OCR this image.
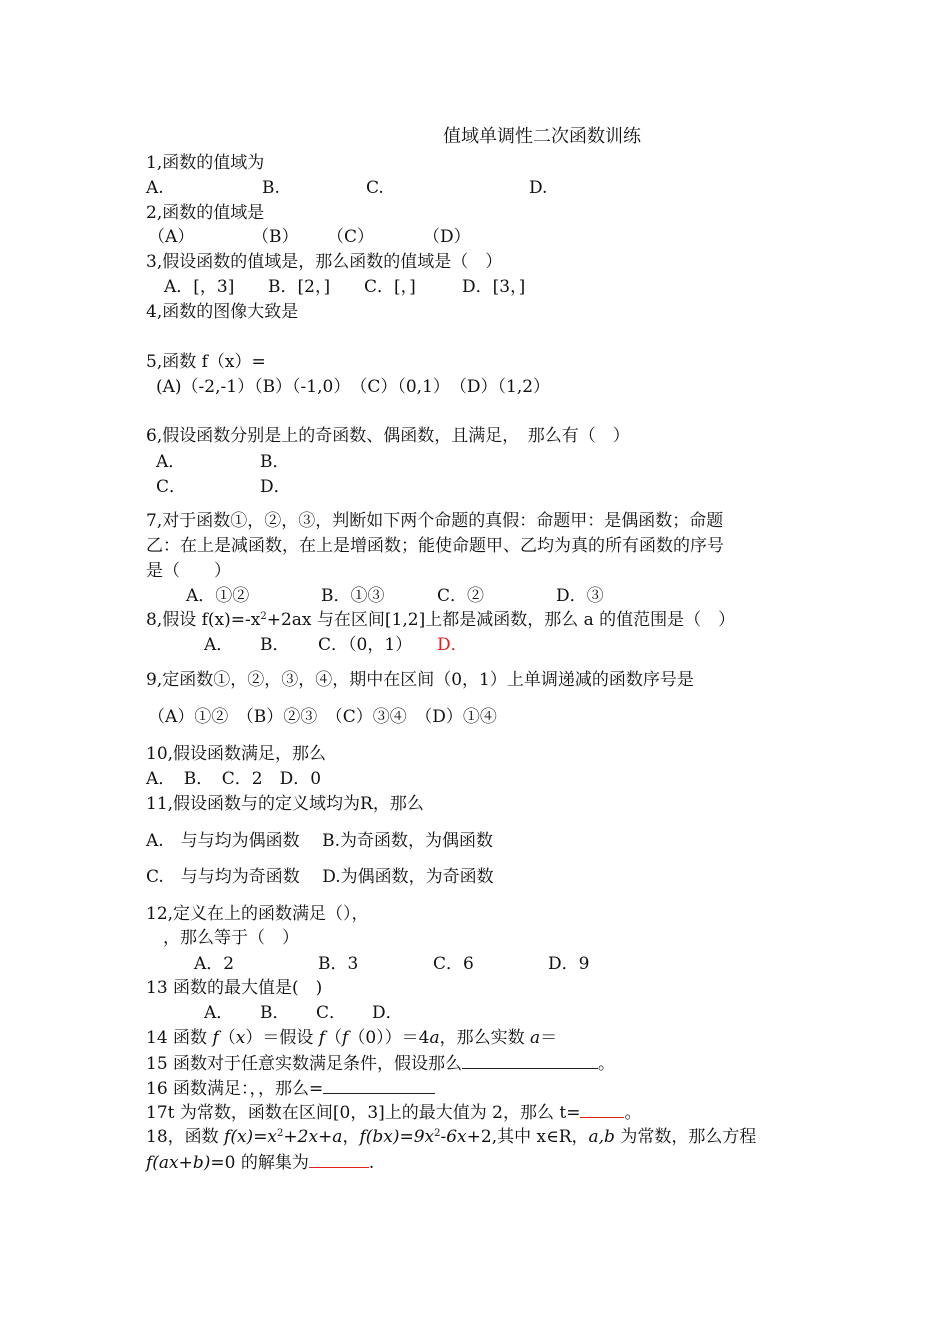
值域单调性二次函数训练
1,函数的值域为
A.	B.	C.	D.
2,函数的值域是
（A）	（B） （C）	（D）
3,假设函数的值域是，那么函数的值域是（　）
A．[，3] B．[2，] C．[，]	D．[3，]
4,函数的图像大致是
5,函数 f（x）=
(A)（-2,-1）（B）（-1,0）　（C）（0,1）　（D）（1,2）
6,假设函数分别是上的奇函数、偶函数，且满足，　那么有（　）
A．	B．
C．	D．
7,对于函数①，②，③，判断如下两个命题的真假：命题甲：是偶函数；命题
乙：在上是减函数，在上是增函数；能使命题甲、乙均为真的所有函数的序号
是（　　）
A．①②	B．①③	C．②	D．③
8,假设 $f(x)=-x^2+2ax$ 与在区间[1,2]上都是减函数，那么 a 的值范围是（　）
A． B． C．（0，1） D．
9,定函数①，②，③，④，期中在区间（0，1）上单调递减的函数序号是
（A）①②　（B）②③　（C）③④　（D）①④
10,假设函数满足，那么
A．　B．　C．2　D．0
11,假设函数与的定义域均为R，那么
A.　与与均为偶函数　 B.为奇函数，为偶函数
C.　与与均为奇函数　 D.为偶函数，为奇函数
12,定义在上的函数满足（），
　，那么等于（　）
A．2	B．3	C．6	D．9
13 函数的最大值是(　)
A． B． C． D．
14 函数 f（x）＝假设 f（f（0））＝4a，那么实数 a＝
15 函数对于任意实数满足条件，假设那么	。
16 函数满足：，，那么=
17t 为常数，函数在区间[0，3]上的最大值为 2，那么 t=	。
18，函数 $f(x)=x^2+2x+a$，$f(bx)=9x^2-6x+2$,其中 x∈R，a,b 为常数，那么方程
f(ax+b)=0 的解集为	.
